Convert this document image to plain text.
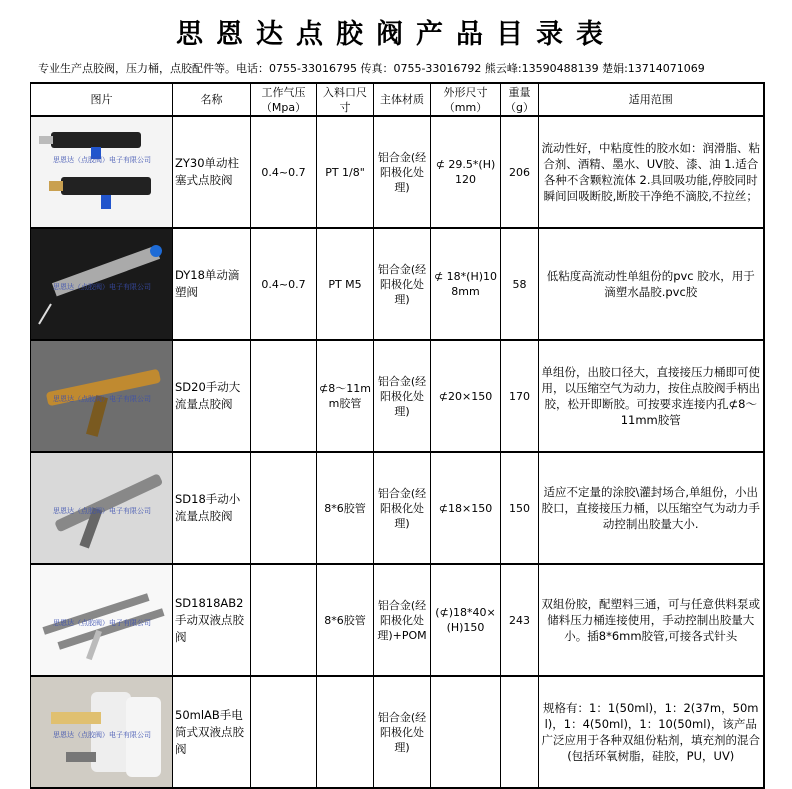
思恩达点胶阀产品目录表
专业生产点胶阀，压力桶，点胶配件等。电话：0755-33016795 传真：0755-33016792 熊云峰:13590488139 楚娟:13714071069
图片	名称	工作气压（Mpa）	入料口尺寸	主体材质	外形尺寸（mm）	重量（g）	适用范围

思恩达（点胶阀）电子有限公司	ZY30单动柱塞式点胶阀	0.4~0.7	PT 1/8"	铝合金(经阳极化处理)	⊄ 29.5*(H)120	206	流动性好，中粘度性的胶水如：润滑脂、粘合剂、酒精、墨水、UV胶、漆、油 1.适合各种不含颗粒流体 2.具回吸功能,停胶同时瞬间回吸断胶,断胶干净绝不滴胶,不拉丝；

思恩达（点胶阀）电子有限公司	DY18单动滴塑阀	0.4~0.7	PT M5	铝合金(经阳极化处理)	⊄ 18*(H)108mm	58	低粘度高流动性单組份的pvc 胶水，用于滴塑水晶胶.pvc胶

思恩达（点胶阀）电子有限公司	SD20手动大流量点胶阀		⊄8～11mm胶管	铝合金(经阳极化处理)	⊄20×150	170	单组份，出胶口径大，直接接压力桶即可使用，以压缩空气为动力，按住点胶阀手柄出胶，松开即断胶。可按要求连接内孔⊄8～11mm胶管

思恩达（点胶阀）电子有限公司	SD18手动小流量点胶阀		8*6胶管	铝合金(经阳极化处理)	⊄18×150	150	适应不定量的涂胶\灌封场合,单組份，小出胶口，直接接压力桶，以压缩空气为动力手动控制出胶量大小.

思恩达（点胶阀）电子有限公司	SD1818AB2手动双液点胶阀		8*6胶管	铝合金(经阳极化处理)+POM	(⊄)18*40×(H)150	243	双組份胶，配塑料三通，可与任意供料泵或储料压力桶连接使用，手动控制出胶量大小。插8*6mm胶管,可接各式针头

思恩达（点胶阀）电子有限公司	50mlAB手电筒式双液点胶阀			铝合金(经阳极化处理)			规格有：1：1(50ml)，1：2(37m，50ml)，1：4(50ml)，1：10(50ml)，该产品广泛应用于各种双組份粘剂，填充剂的混合(包括环氧树脂，硅胶，PU，UV)
